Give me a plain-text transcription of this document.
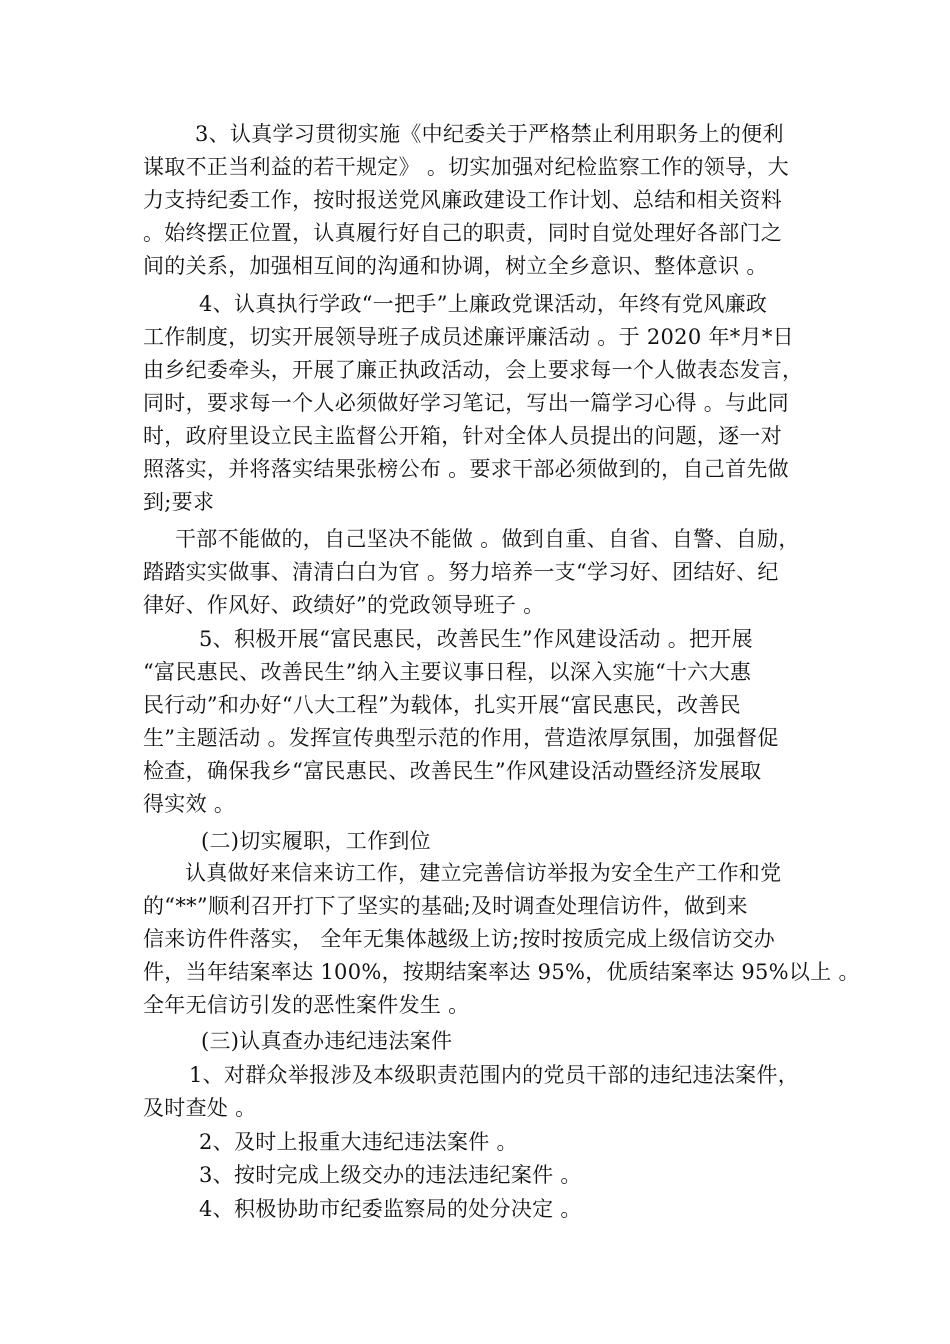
3、认真学习贯彻实施《中纪委关于严格禁止利用职务上的便利
谋取不正当利益的若干规定》 。切实加强对纪检监察工作的领导，大
力支持纪委工作，按时报送党风廉政建设工作计划、总结和相关资料
。始终摆正位置，认真履行好自己的职责，同时自觉处理好各部门之
间的关系，加强相互间的沟通和协调，树立全乡意识、整体意识 。
4、认真执行学政“一把手”上廉政党课活动，年终有党风廉政
工作制度，切实开展领导班子成员述廉评廉活动 。于 2020 年*月*日
由乡纪委牵头，开展了廉正执政活动，会上要求每一个人做表态发言，
同时，要求每一个人必须做好学习笔记，写出一篇学习心得 。与此同
时，政府里设立民主监督公开箱，针对全体人员提出的问题，逐一对
照落实，并将落实结果张榜公布 。要求干部必须做到的，自己首先做
到;要求
干部不能做的，自己坚决不能做 。做到自重、自省、自警、自励，
踏踏实实做事、清清白白为官 。努力培养一支“学习好、团结好、纪
律好、作风好、政绩好”的党政领导班子 。
5、积极开展“富民惠民，改善民生”作风建设活动 。把开展
“富民惠民、改善民生”纳入主要议事日程，以深入实施“十六大惠
民行动”和办好“八大工程”为载体，扎实开展“富民惠民，改善民
生”主题活动 。发挥宣传典型示范的作用，营造浓厚氛围，加强督促
检查，确保我乡“富民惠民、改善民生”作风建设活动暨经济发展取
得实效 。
(二)切实履职，工作到位
认真做好来信来访工作，建立完善信访举报为安全生产工作和党
的“**”顺利召开打下了坚实的基础;及时调查处理信访件，做到来
信来访件件落实， 全年无集体越级上访;按时按质完成上级信访交办
件，当年结案率达 100%，按期结案率达 95%，优质结案率达 95%以上 。
全年无信访引发的恶性案件发生 。
(三)认真查办违纪违法案件
1、对群众举报涉及本级职责范围内的党员干部的违纪违法案件，
及时查处 。
2、及时上报重大违纪违法案件 。
3、按时完成上级交办的违法违纪案件 。
4、积极协助市纪委监察局的处分决定 。
